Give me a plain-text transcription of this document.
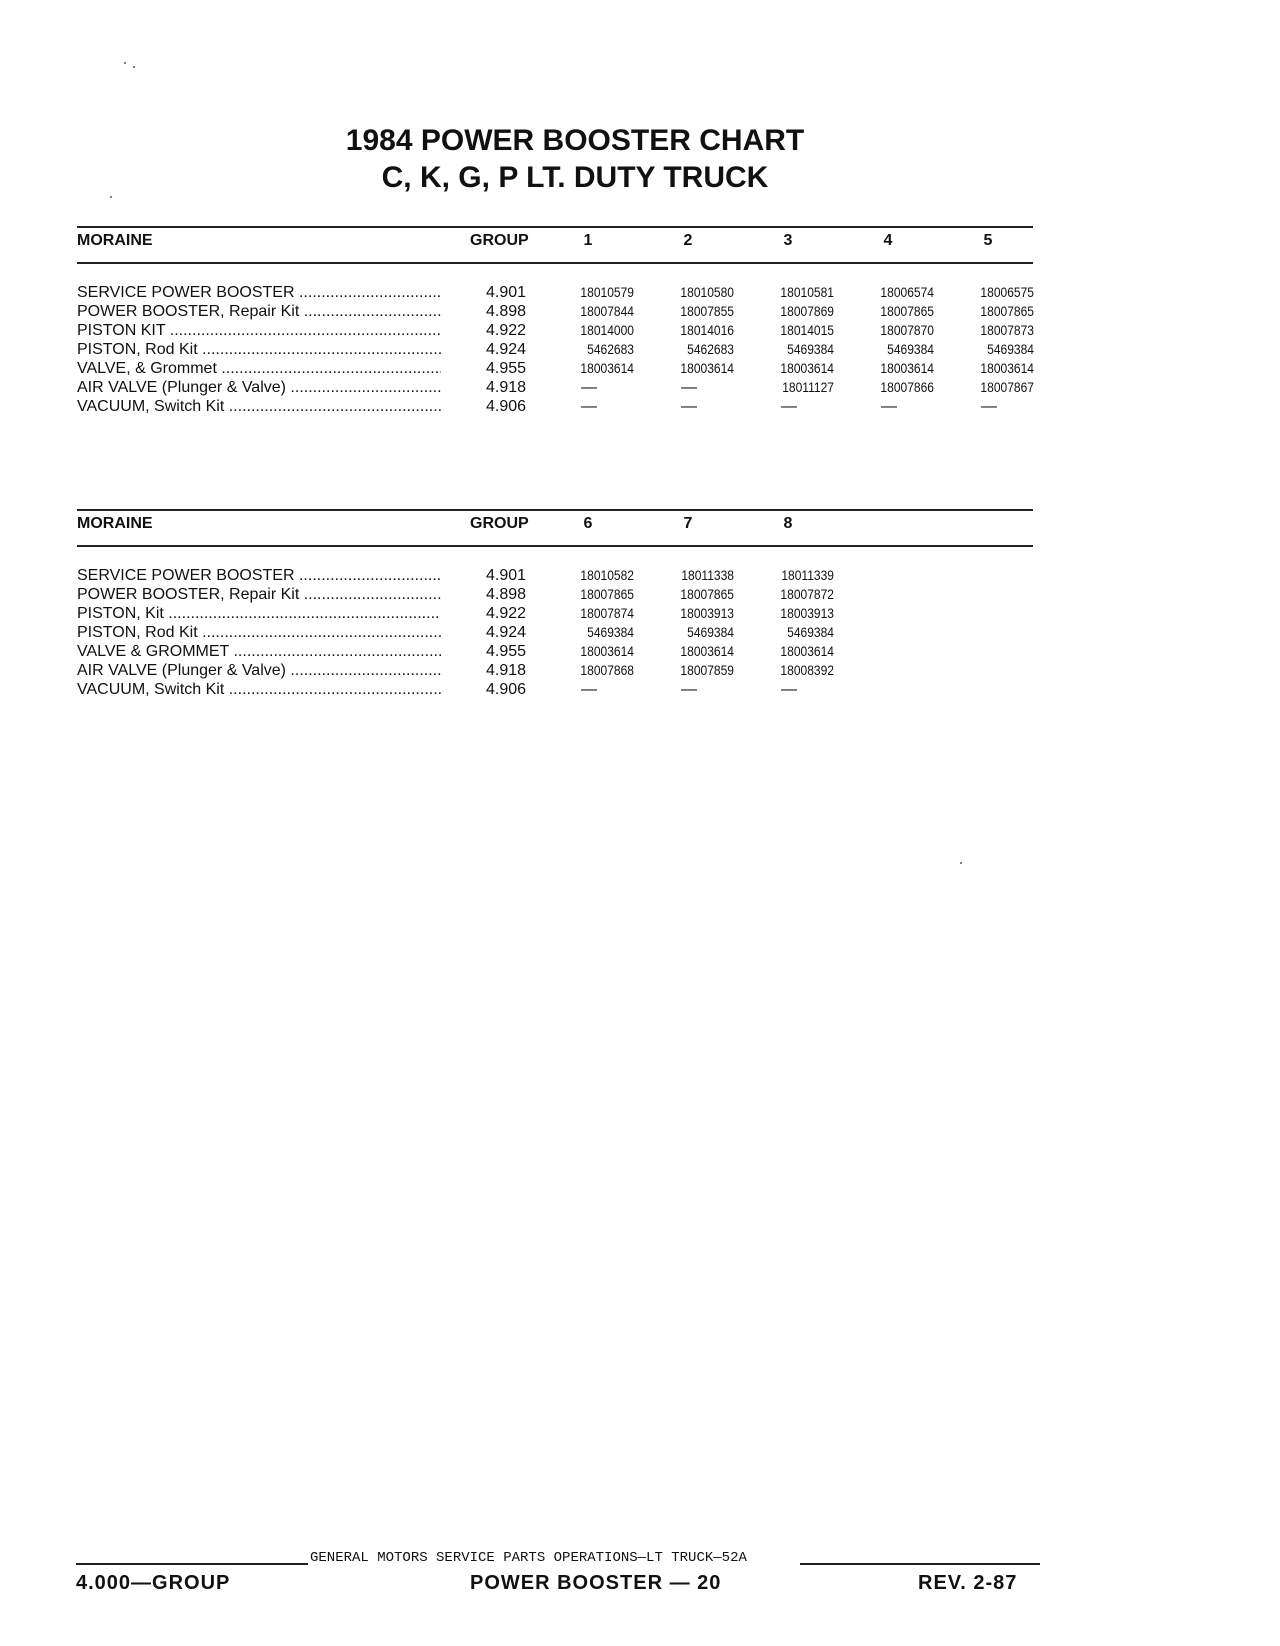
1984 POWER BOOSTER CHART
C, K, G, P LT. DUTY TRUCK
MORAINE	GROUP	1	2	3	4	5
SERVICE POWER BOOSTER .....	4.901	18010579	18010580	18010581	18006574	18006575
POWER BOOSTER, Repair Kit .....	4.898	18007844	18007855	18007869	18007865	18007865
PISTON KIT .....	4.922	18014000	18014016	18014015	18007870	18007873
PISTON, Rod Kit .....	4.924	5462683	5462683	5469384	5469384	5469384
VALVE, & Grommet .....	4.955	18003614	18003614	18003614	18003614	18003614
AIR VALVE (Plunger & Valve) .....	4.918	—	—	18011127	18007866	18007867
VACUUM, Switch Kit .....	4.906	—	—	—	—	—
MORAINE	GROUP	6	7	8
SERVICE POWER BOOSTER .....	4.901	18010582	18011338	18011339
POWER BOOSTER, Repair Kit .....	4.898	18007865	18007865	18007872
PISTON, Kit .....	4.922	18007874	18003913	18003913
PISTON, Rod Kit .....	4.924	5469384	5469384	5469384
VALVE & GROMMET .....	4.955	18003614	18003614	18003614
AIR VALVE (Plunger & Valve) .....	4.918	18007868	18007859	18008392
VACUUM, Switch Kit .....	4.906	—	—	—
GENERAL MOTORS SERVICE PARTS OPERATIONS—LT TRUCK—52A
4.000—GROUP	POWER BOOSTER — 20	REV. 2-87
